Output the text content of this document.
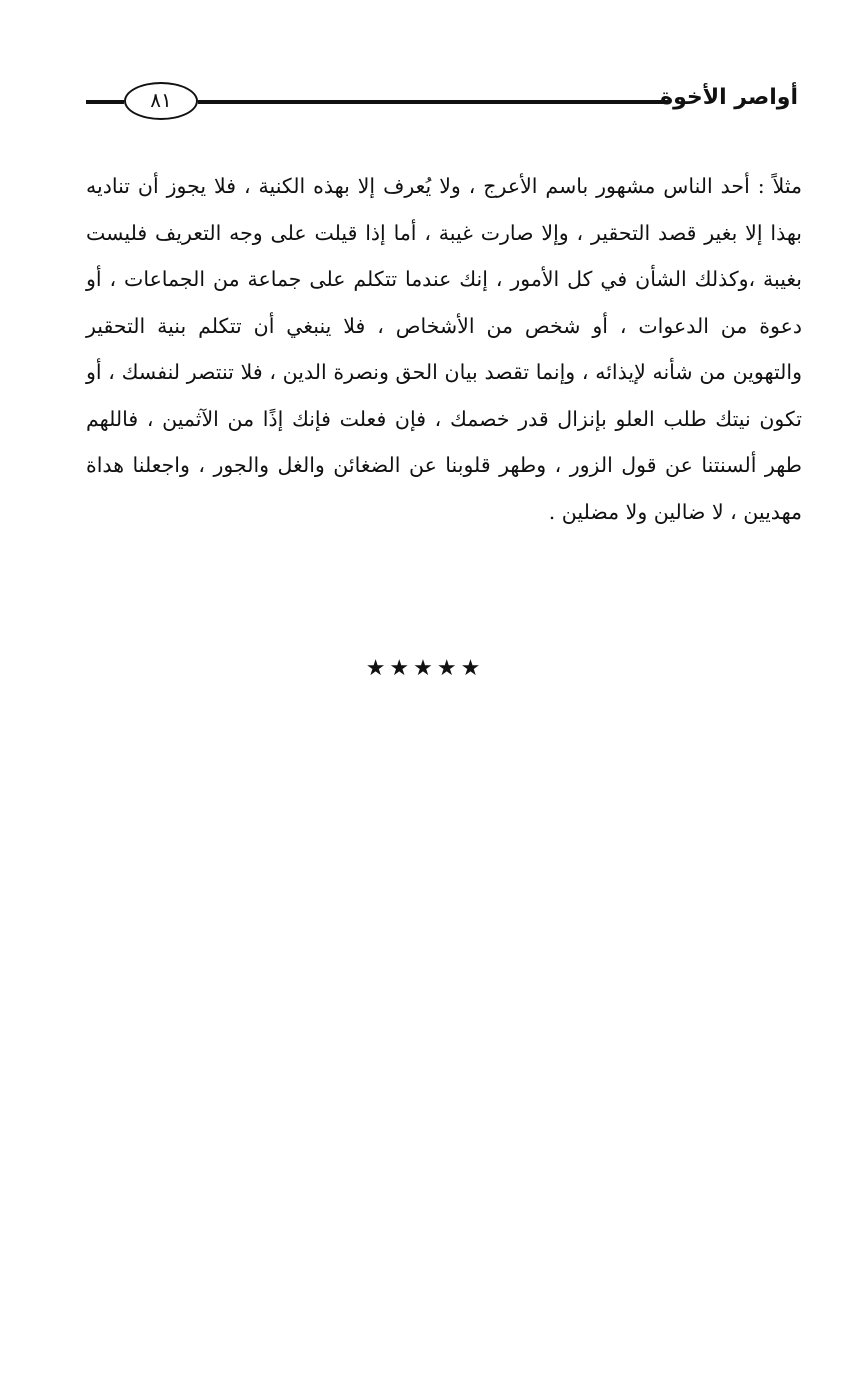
٨١	أواصر الأخوة

مثلاً : أحد الناس مشهور باسم الأعرج ، ولا يُعرف إلا بهذه الكنية ، فلا يجوز أن تناديه بهذا إلا بغير قصد التحقير ، وإلا صارت غيبة ، أما إذا قيلت على وجه التعريف فليست بغيبة ،وكذلك الشأن في كل الأمور ، إنك عندما تتكلم على جماعة من الجماعات ، أو دعوة من الدعوات ، أو شخص من الأشخاص ، فلا ينبغي أن تتكلم بنية التحقير والتهوين من شأنه لإيذائه ، وإنما تقصد بيان الحق ونصرة الدين ، فلا تنتصر لنفسك ، أو تكون نيتك طلب العلو بإنزال قدر خصمك ، فإن فعلت فإنك إذًا من الآثمين ، فاللهم طهر ألسنتنا عن قول الزور ، وطهر قلوبنا عن الضغائن والغل والجور ، واجعلنا هداة مهديين ، لا ضالين ولا مضلين .

★★★★★
